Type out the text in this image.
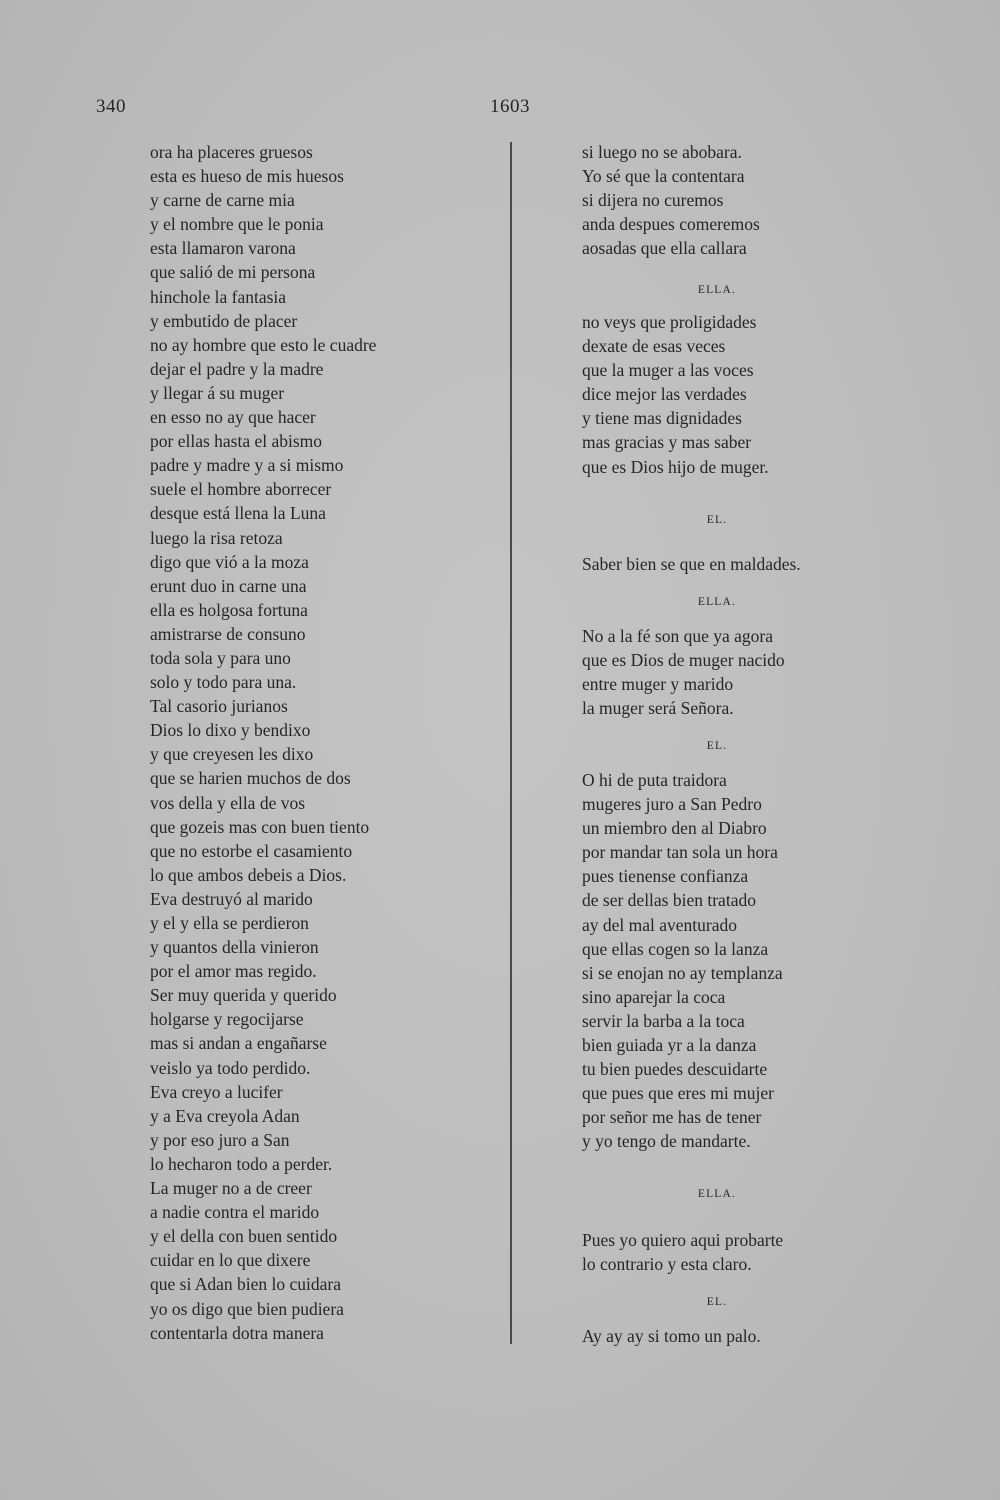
340	1603
ora ha placeres gruesos
esta es hueso de mis huesos
y carne de carne mia
y el nombre que le ponia
esta llamaron varona
que salió de mi persona
hinchole la fantasia
y embutido de placer
no ay hombre que esto le cuadre
dejar el padre y la madre
y llegar á su muger
en esso no ay que hacer
por ellas hasta el abismo
padre y madre y a si mismo
suele el hombre aborrecer
desque está llena la Luna
luego la risa retoza
digo que vió a la moza
erunt duo in carne una
ella es holgosa fortuna
amistrarse de consuno
toda sola y para uno
solo y todo para una.
Tal casorio jurianos
Dios lo dixo y bendixo
y que creyesen les dixo
que se harien muchos de dos
vos della y ella de vos
que gozeis mas con buen tiento
que no estorbe el casamiento
lo que ambos debeis a Dios.
Eva destruyó al marido
y el y ella se perdieron
y quantos della vinieron
por el amor mas regido.
Ser muy querida y querido
holgarse y regocijarse
mas si andan a engañarse
veislo ya todo perdido.
Eva creyo a lucifer
y a Eva creyola Adan
y por eso juro a San
lo hecharon todo a perder.
La muger no a de creer
a nadie contra el marido
y el della con buen sentido
cuidar en lo que dixere
que si Adan bien lo cuidara
yo os digo que bien pudiera
contentarla dotra manera
si luego no se abobara.
Yo sé que la contentara
si dijera no curemos
anda despues comeremos
aosadas que ella callara
ELLA.
no veys que proligidades
dexate de esas veces
que la muger a las voces
dice mejor las verdades
y tiene mas dignidades
mas gracias y mas saber
que es Dios hijo de muger.
EL.
Saber bien se que en maldades.
ELLA.
No a la fé son que ya agora
que es Dios de muger nacido
entre muger y marido
la muger será Señora.
EL.
O hi de puta traidora
mugeres juro a San Pedro
un miembro den al Diabro
por mandar tan sola un hora
pues tienense confianza
de ser dellas bien tratado
ay del mal aventurado
que ellas cogen so la lanza
si se enojan no ay templanza
sino aparejar la coca
servir la barba a la toca
bien guiada yr a la danza
tu bien puedes descuidarte
que pues que eres mi mujer
por señor me has de tener
y yo tengo de mandarte.
ELLA.
Pues yo quiero aqui probarte
lo contrario y esta claro.
EL.
Ay ay ay si tomo un palo.
